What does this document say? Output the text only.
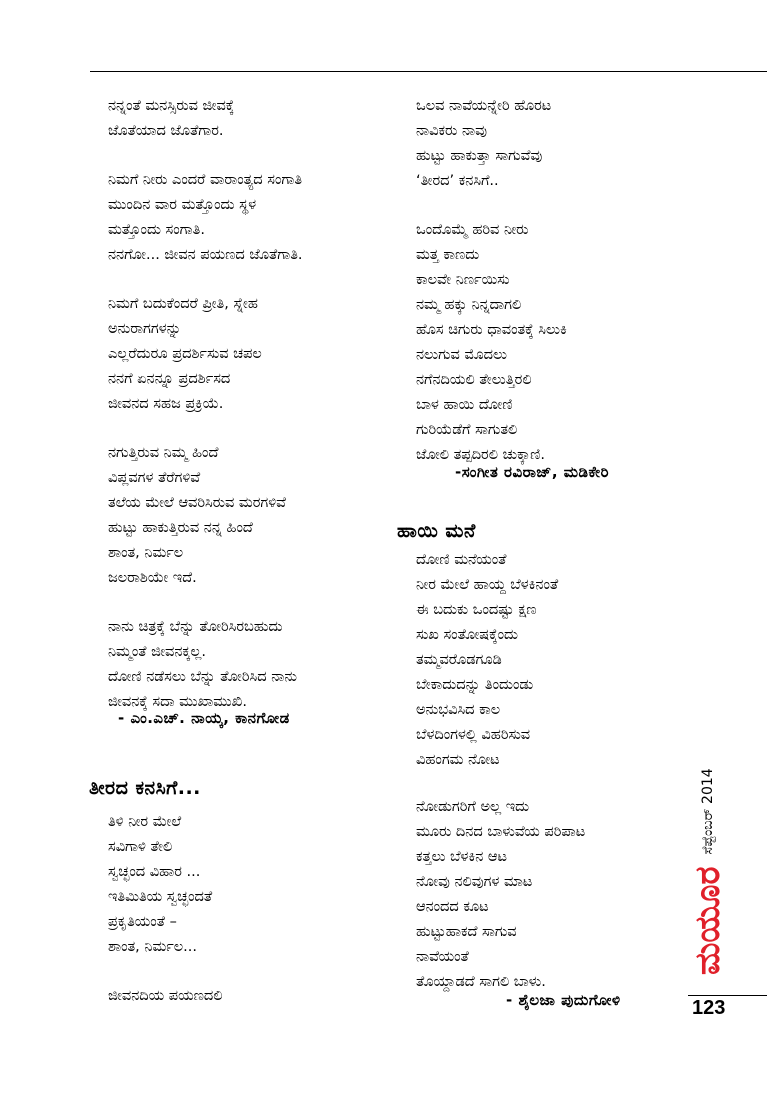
ನನ್ನಂತೆ ಮನಸ್ಸಿರುವ ಜೀವಕ್ಕೆ
ಜೊತೆಯಾದ ಜೊತೆಗಾರ.
ನಿಮಗೆ ನೀರು ಎಂದರೆ ವಾರಾಂತ್ಯದ ಸಂಗಾತಿ
ಮುಂದಿನ ವಾರ ಮತ್ತೊಂದು ಸ್ಥಳ
ಮತ್ತೊಂದು ಸಂಗಾತಿ.
ನನಗೋ... ಜೀವನ ಪಯಣದ ಜೊತೆಗಾತಿ.
ನಿಮಗೆ ಬದುಕೆಂದರೆ ಪ್ರೀತಿ, ಸ್ನೇಹ
ಅನುರಾಗಗಳನ್ನು
ಎಲ್ಲರೆದುರೂ ಪ್ರದರ್ಶಿಸುವ ಚಪಲ
ನನಗೆ ಏನನ್ನೂ ಪ್ರದರ್ಶಿಸದ
ಜೀವನದ ಸಹಜ ಪ್ರಕ್ರಿಯೆ.
ನಗುತ್ತಿರುವ ನಿಮ್ಮ ಹಿಂದೆ
ವಿಪ್ಲವಗಳ ತೆರೆಗಳಿವೆ
ತಲೆಯ ಮೇಲೆ ಆವರಿಸಿರುವ ಮರಗಳಿವೆ
ಹುಟ್ಟು ಹಾಕುತ್ತಿರುವ ನನ್ನ ಹಿಂದೆ
ಶಾಂತ, ನಿರ್ಮಲ
ಜಲರಾಶಿಯೇ ಇದೆ.
ನಾನು ಚಿತ್ರಕ್ಕೆ ಬೆನ್ನು ತೋರಿಸಿರಬಹುದು
ನಿಮ್ಮಂತೆ ಜೀವನಕ್ಕಲ್ಲ.
ದೋಣಿ ನಡೆಸಲು ಬೆನ್ನು ತೋರಿಸಿದ ನಾನು
ಜೀವನಕ್ಕೆ ಸದಾ ಮುಖಾಮುಖಿ.
- ಎಂ.ಎಚ್. ನಾಯ್ಕ, ಕಾನಗೋಡ
ತೀರದ ಕನಸಿಗೆ...
ತಿಳಿ ನೀರ ಮೇಲೆ
ಸವಿಗಾಳಿ ತೇಲಿ
ಸ್ವಚ್ಛಂದ ವಿಹಾರ ...
ಇತಿಮಿತಿಯ ಸ್ವಚ್ಛಂದತೆ
ಪ್ರಕೃತಿಯಂತೆ –
ಶಾಂತ, ನಿರ್ಮಲ...
ಜೀವನದಿಯ ಪಯಣದಲಿ
ಒಲವ ನಾವೆಯನ್ನೇರಿ ಹೊರಟ
ನಾವಿಕರು ನಾವು
ಹುಟ್ಟು ಹಾಕುತ್ತಾ ಸಾಗುವೆವು
‘ತೀರದ’ ಕನಸಿಗೆ..
ಒಂದೊಮ್ಮೆ ಹರಿವ ನೀರು
ಮತ್ತ ಕಾಣದು
ಕಾಲವೇ ನಿರ್ಣಯಿಸು
ನಮ್ಮ ಹಕ್ಕು ನಿನ್ನದಾಗಲಿ
ಹೊಸ ಚಿಗುರು ಧಾವಂತಕ್ಕೆ ಸಿಲುಕಿ
ನಲುಗುವ ಮೊದಲು
ನಗೆನದಿಯಲಿ ತೇಲುತ್ತಿರಲಿ
ಬಾಳ ಹಾಯಿ ದೋಣಿ
ಗುರಿಯೆಡೆಗೆ ಸಾಗುತಲಿ
ಜೋಲಿ ತಪ್ಪದಿರಲಿ ಚುಕ್ಕಾಣಿ.
-ಸಂಗೀತ ರವಿರಾಜ್, ಮಡಿಕೇರಿ
ಹಾಯಿ ಮನೆ
ದೋಣಿ ಮನೆಯಂತೆ
ನೀರ ಮೇಲೆ ಹಾಯ್ದ ಬೆಳಕಿನಂತೆ
ಈ ಬದುಕು ಒಂದಷ್ಟು ಕ್ಷಣ
ಸುಖ ಸಂತೋಷಕ್ಕೆಂದು
ತಮ್ಮವರೊಡಗೂಡಿ
ಬೇಕಾದುದನ್ನು ತಿಂದುಂಡು
ಅನುಭವಿಸಿದ ಕಾಲ
ಬೆಳದಿಂಗಳಲ್ಲಿ ವಿಹರಿಸುವ
ವಿಹಂಗಮ ನೋಟ
ನೋಡುಗರಿಗೆ ಅಲ್ಲ ಇದು
ಮೂರು ದಿನದ ಬಾಳುವೆಯ ಪರಿಪಾಟ
ಕತ್ತಲು ಬೆಳಕಿನ ಆಟ
ನೋವು ನಲಿವುಗಳ ಮಾಟ
ಆನಂದದ ಕೂಟ
ಹುಟ್ಟುಹಾಕದೆ ಸಾಗುವ
ನಾವೆಯಂತೆ
ತೊಯ್ದಾಡದೆ ಸಾಗಲಿ ಬಾಳು.
- ಶೈಲಜಾ ಪುದುಗೋಳಿ
ಮಯೂರ
ಸೆಪ್ಟೆಂಬರ್ 2014
123
